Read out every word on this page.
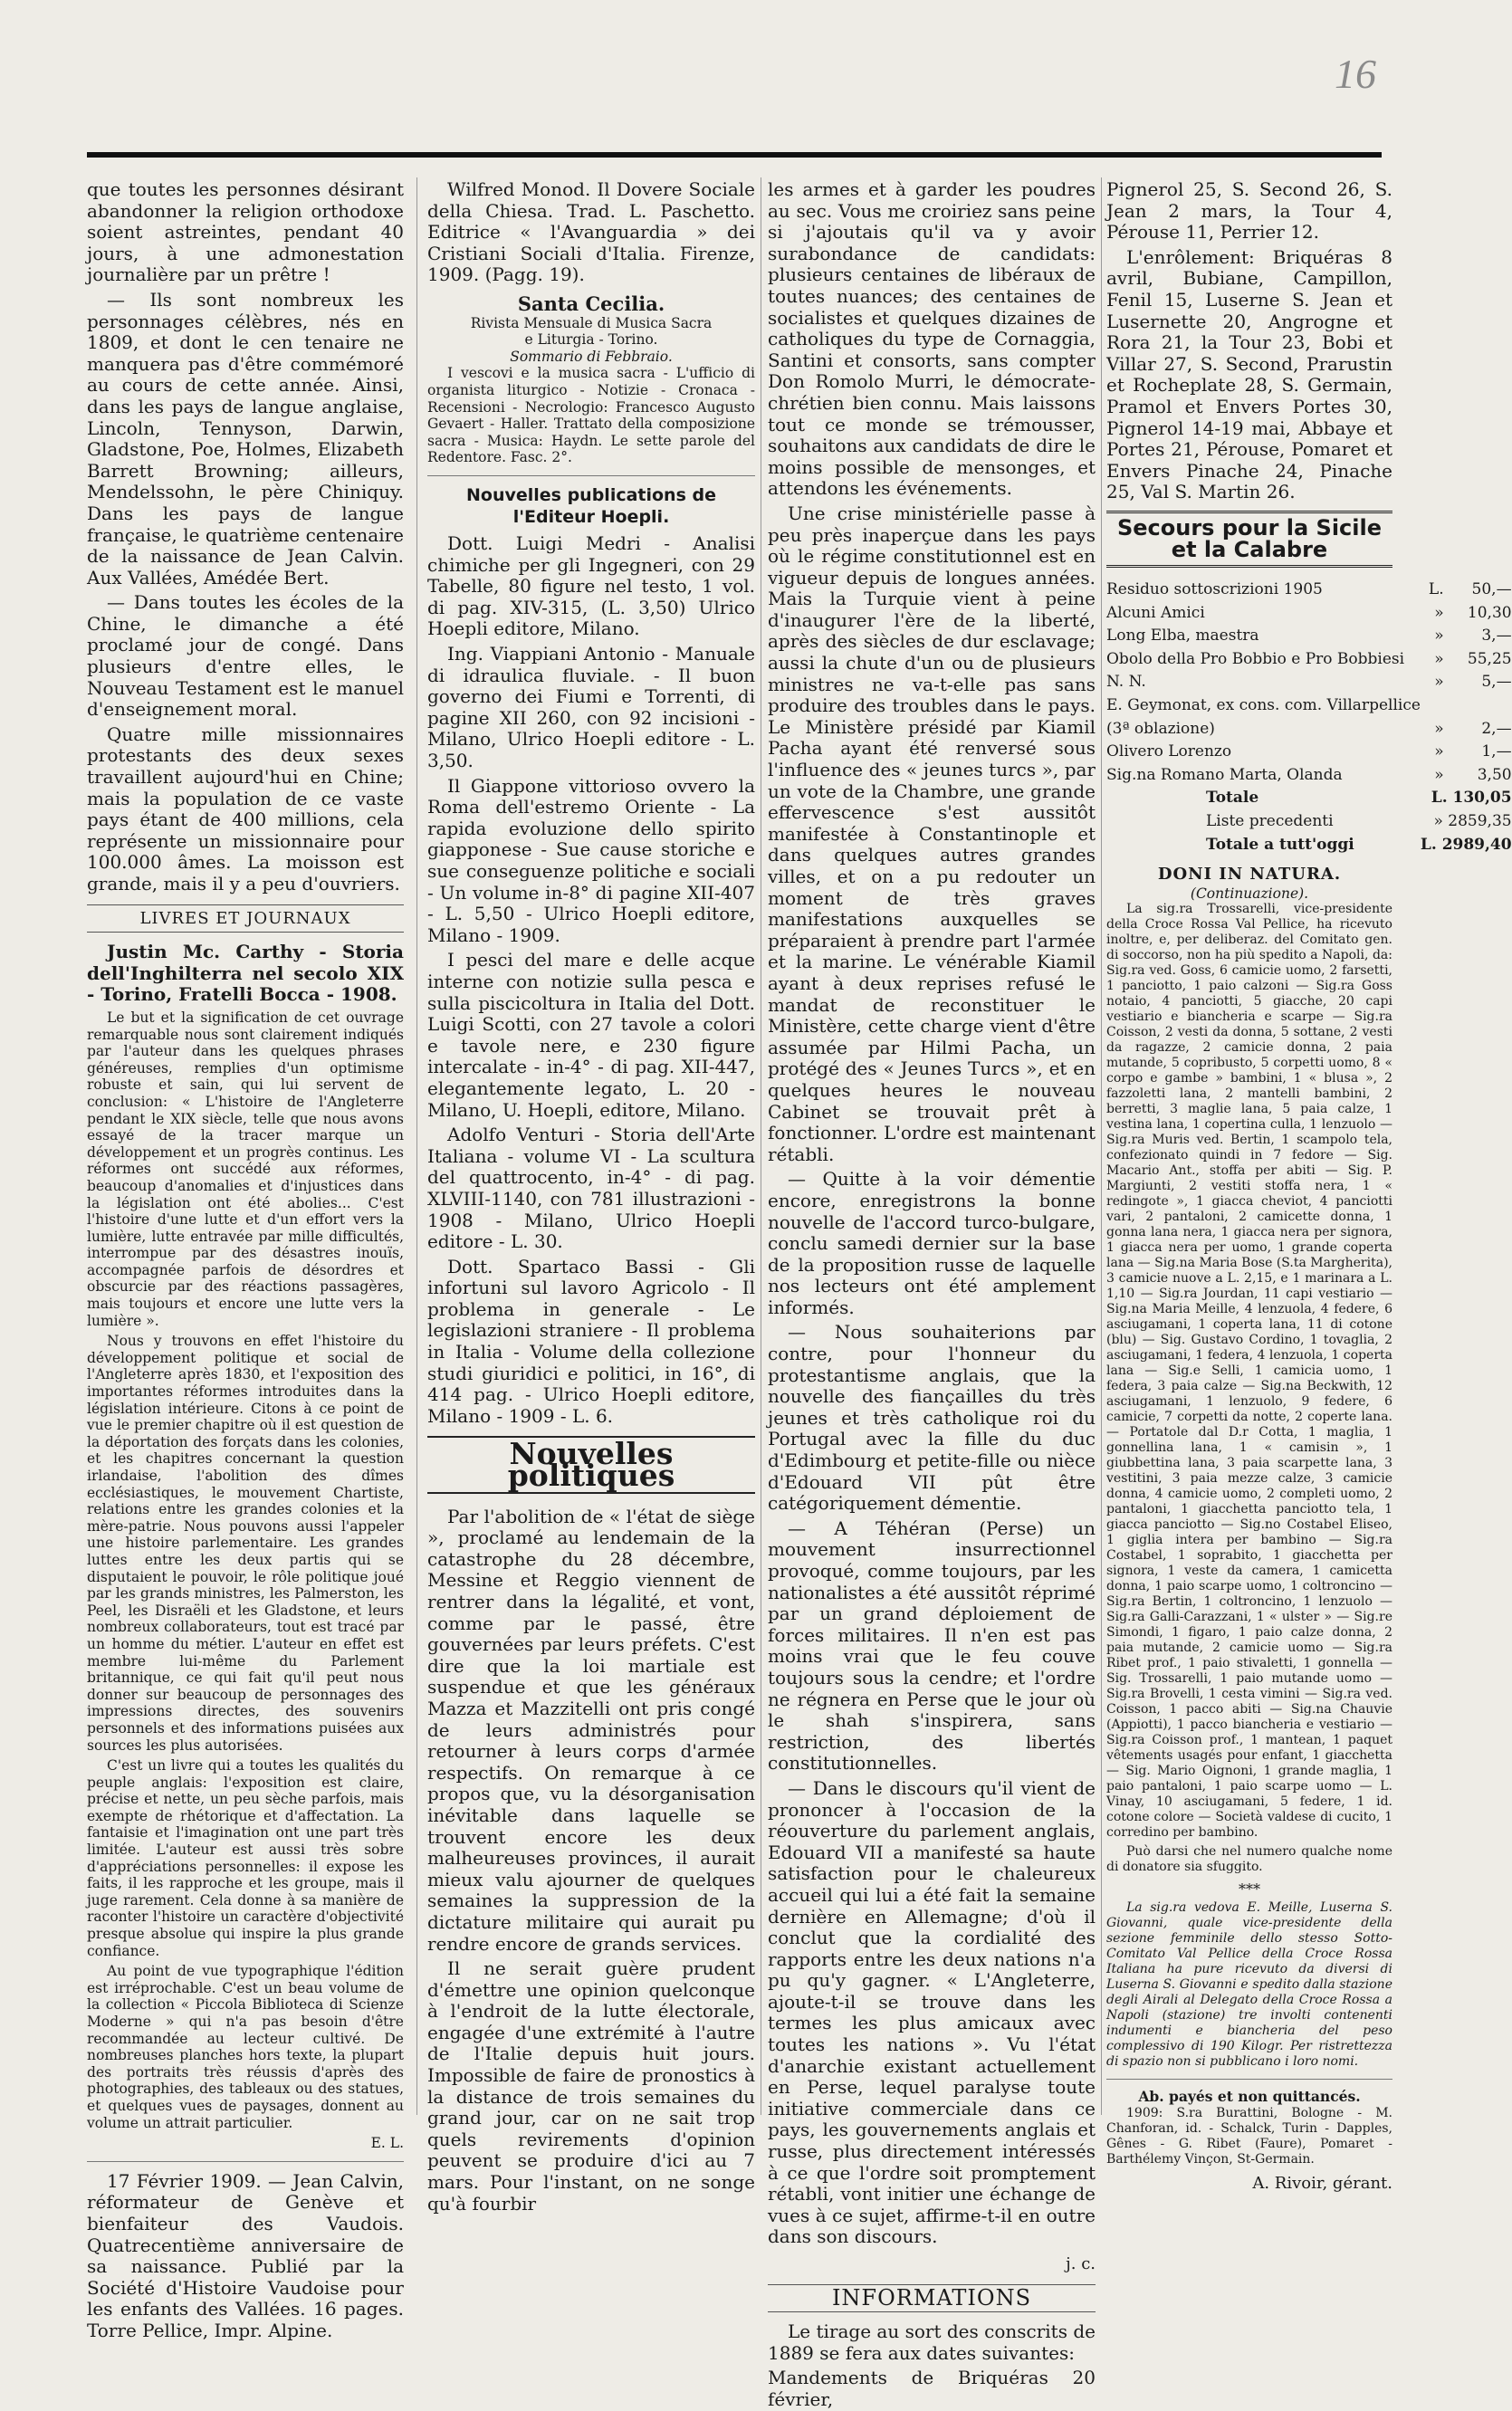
16

que toutes les personnes désirant abandonner la religion orthodoxe soient astreintes, pendant 40 jours, à une admonestation journalière par un prêtre !

— Ils sont nombreux les personnages célèbres, nés en 1809, et dont le cen tenaire ne manquera pas d'être commémoré au cours de cette année. Ainsi, dans les pays de langue anglaise, Lincoln, Tennyson, Darwin, Gladstone, Poe, Holmes, Elizabeth Barrett Browning; ailleurs, Mendelssohn, le père Chiniquy. Dans les pays de langue française, le quatrième centenaire de la naissance de Jean Calvin. Aux Vallées, Amédée Bert.

— Dans toutes les écoles de la Chine, le dimanche a été proclamé jour de congé. Dans plusieurs d'entre elles, le Nouveau Testament est le manuel d'enseignement moral.

Quatre mille missionnaires protestants des deux sexes travaillent aujourd'hui en Chine; mais la population de ce vaste pays étant de 400 millions, cela représente un missionnaire pour 100.000 âmes. La moisson est grande, mais il y a peu d'ouvriers.

LIVRES ET JOURNAUX

Justin Mc. Carthy - Storia dell'Inghilterra nel secolo XIX - Torino, Fratelli Bocca - 1908.

Le but et la signification de cet ouvrage remarquable nous sont clairement indiqués par l'auteur dans les quelques phrases généreuses, remplies d'un optimisme robuste et sain, qui lui servent de conclusion: « L'histoire de l'Angleterre pendant le XIX siècle, telle que nous avons essayé de la tracer marque un développement et un progrès continus. Les réformes ont succédé aux réformes, beaucoup d'anomalies et d'injustices dans la législation ont été abolies... C'est l'histoire d'une lutte et d'un effort vers la lumière, lutte entravée par mille difficultés, interrompue par des désastres inouïs, accompagnée parfois de désordres et obscurcie par des réactions passagères, mais toujours et encore une lutte vers la lumière ».

Nous y trouvons en effet l'histoire du développement politique et social de l'Angleterre après 1830, et l'exposition des importantes réformes introduites dans la législation intérieure. Citons à ce point de vue le premier chapitre où il est question de la déportation des forçats dans les colonies, et les chapitres concernant la question irlandaise, l'abolition des dîmes ecclésiastiques, le mouvement Chartiste, relations entre les grandes colonies et la mère-patrie. Nous pouvons aussi l'appeler une histoire parlementaire. Les grandes luttes entre les deux partis qui se disputaient le pouvoir, le rôle politique joué par les grands ministres, les Palmerston, les Peel, les Disraëli et les Gladstone, et leurs nombreux collaborateurs, tout est tracé par un homme du métier. L'auteur en effet est membre lui-même du Parlement britannique, ce qui fait qu'il peut nous donner sur beaucoup de personnages des impressions directes, des souvenirs personnels et des informations puisées aux sources les plus autorisées.

C'est un livre qui a toutes les qualités du peuple anglais: l'exposition est claire, précise et nette, un peu sèche parfois, mais exempte de rhétorique et d'affectation. La fantaisie et l'imagination ont une part très limitée. L'auteur est aussi très sobre d'appréciations personnelles: il expose les faits, il les rapproche et les groupe, mais il juge rarement. Cela donne à sa manière de raconter l'histoire un caractère d'objectivité presque absolue qui inspire la plus grande confiance.

Au point de vue typographique l'édition est irréprochable. C'est un beau volume de la collection « Piccola Biblioteca di Scienze Moderne » qui n'a pas besoin d'être recommandée au lecteur cultivé. De nombreuses planches hors texte, la plupart des portraits très réussis d'après des photographies, des tableaux ou des statues, et quelques vues de paysages, donnent au volume un attrait particulier.

E. L.

17 Février 1909. — Jean Calvin, réformateur de Genève et bienfaiteur des Vaudois. Quatrecentième anniversaire de sa naissance. Publié par la Société d'Histoire Vaudoise pour les enfants des Vallées. 16 pages. Torre Pellice, Impr. Alpine.

Wilfred Monod. Il Dovere Sociale della Chiesa. Trad. L. Paschetto. Editrice « l'Avanguardia » dei Cristiani Sociali d'Italia. Firenze, 1909. (Pagg. 19).

Santa Cecilia.
Rivista Mensuale di Musica Sacra
e Liturgia - Torino.
Sommario di Febbraio.

I vescovi e la musica sacra - L'ufficio di organista liturgico - Notizie - Cronaca - Recensioni - Necrologio: Francesco Augusto Gevaert - Haller. Trattato della composizione sacra - Musica: Haydn. Le sette parole del Redentore. Fasc. 2°.

Nouvelles publications de l'Editeur Hoepli.

Dott. Luigi Medri - Analisi chimiche per gli Ingegneri, con 29 Tabelle, 80 figure nel testo, 1 vol. di pag. XIV-315, (L. 3,50) Ulrico Hoepli editore, Milano.

Ing. Viappiani Antonio - Manuale di idraulica fluviale. - Il buon governo dei Fiumi e Torrenti, di pagine XII 260, con 92 incisioni - Milano, Ulrico Hoepli editore - L. 3,50.

Il Giappone vittorioso ovvero la Roma dell'estremo Oriente - La rapida evoluzione dello spirito giapponese - Sue cause storiche e sue conseguenze politiche e sociali - Un volume in-8° di pagine XII-407 - L. 5,50 - Ulrico Hoepli editore, Milano - 1909.

I pesci del mare e delle acque interne con notizie sulla pesca e sulla piscicoltura in Italia del Dott. Luigi Scotti, con 27 tavole a colori e tavole nere, e 230 figure intercalate - in-4° - di pag. XII-447, elegantemente legato, L. 20 - Milano, U. Hoepli, editore, Milano.

Adolfo Venturi - Storia dell'Arte Italiana - volume VI - La scultura del quattrocento, in-4° - di pag. XLVIII-1140, con 781 illustrazioni - 1908 - Milano, Ulrico Hoepli editore - L. 30.

Dott. Spartaco Bassi - Gli infortuni sul lavoro Agricolo - Il problema in generale - Le legislazioni straniere - Il problema in Italia - Volume della collezione studi giuridici e politici, in 16°, di 414 pag. - Ulrico Hoepli editore, Milano - 1909 - L. 6.

Nouvelles politiques

Par l'abolition de « l'état de siège », proclamé au lendemain de la catastrophe du 28 décembre, Messine et Reggio viennent de rentrer dans la légalité, et vont, comme par le passé, être gouvernées par leurs préfets. C'est dire que la loi martiale est suspendue et que les généraux Mazza et Mazzitelli ont pris congé de leurs administrés pour retourner à leurs corps d'armée respectifs. On remarque à ce propos que, vu la désorganisation inévitable dans laquelle se trouvent encore les deux malheureuses provinces, il aurait mieux valu ajourner de quelques semaines la suppression de la dictature militaire qui aurait pu rendre encore de grands services.

Il ne serait guère prudent d'émettre une opinion quelconque à l'endroit de la lutte électorale, engagée d'une extrémité à l'autre de l'Italie depuis huit jours. Impossible de faire de pronostics à la distance de trois semaines du grand jour, car on ne sait trop quels revirements d'opinion peuvent se produire d'ici au 7 mars. Pour l'instant, on ne songe qu'à fourbir

les armes et à garder les poudres au sec. Vous me croiriez sans peine si j'ajoutais qu'il va y avoir surabondance de candidats: plusieurs centaines de libéraux de toutes nuances; des centaines de socialistes et quelques dizaines de catholiques du type de Cornaggia, Santini et consorts, sans compter Don Romolo Murri, le démocrate-chrétien bien connu. Mais laissons tout ce monde se trémousser, souhaitons aux candidats de dire le moins possible de mensonges, et attendons les événements.

Une crise ministérielle passe à peu près inaperçue dans les pays où le régime constitutionnel est en vigueur depuis de longues années. Mais la Turquie vient à peine d'inaugurer l'ère de la liberté, après des siècles de dur esclavage; aussi la chute d'un ou de plusieurs ministres ne va-t-elle pas sans produire des troubles dans le pays. Le Ministère présidé par Kiamil Pacha ayant été renversé sous l'influence des « jeunes turcs », par un vote de la Chambre, une grande effervescence s'est aussitôt manifestée à Constantinople et dans quelques autres grandes villes, et on a pu redouter un moment de très graves manifestations auxquelles se préparaient à prendre part l'armée et la marine. Le vénérable Kiamil ayant à deux reprises refusé le mandat de reconstituer le Ministère, cette charge vient d'être assumée par Hilmi Pacha, un protégé des « Jeunes Turcs », et en quelques heures le nouveau Cabinet se trouvait prêt à fonctionner. L'ordre est maintenant rétabli.

— Quitte à la voir démentie encore, enregistrons la bonne nouvelle de l'accord turco-bulgare, conclu samedi dernier sur la base de la proposition russe de laquelle nos lecteurs ont été amplement informés.

— Nous souhaiterions par contre, pour l'honneur du protestantisme anglais, que la nouvelle des fiançailles du très jeunes et très catholique roi du Portugal avec la fille du duc d'Edimbourg et petite-fille ou nièce d'Edouard VII pût être catégoriquement démentie.

— A Téhéran (Perse) un mouvement insurrectionnel provoqué, comme toujours, par les nationalistes a été aussitôt réprimé par un grand déploiement de forces militaires. Il n'en est pas moins vrai que le feu couve toujours sous la cendre; et l'ordre ne régnera en Perse que le jour où le shah s'inspirera, sans restriction, des libertés constitutionnelles.

— Dans le discours qu'il vient de prononcer à l'occasion de la réouverture du parlement anglais, Edouard VII a manifesté sa haute satisfaction pour le chaleureux accueil qui lui a été fait la semaine dernière en Allemagne; d'où il conclut que la cordialité des rapports entre les deux nations n'a pu qu'y gagner. « L'Angleterre, ajoute-t-il se trouve dans les termes les plus amicaux avec toutes les nations ». Vu l'état d'anarchie existant actuellement en Perse, lequel paralyse toute initiative commerciale dans ce pays, les gouvernements anglais et russe, plus directement intéressés à ce que l'ordre soit promptement rétabli, vont initier une échange de vues à ce sujet, affirme-t-il en outre dans son discours.

j. c.
INFORMATIONS

Le tirage au sort des conscrits de 1889 se fera aux dates suivantes:

Mandements de Briquéras 20 février,

Pignerol 25, S. Second 26, S. Jean 2 mars, la Tour 4, Pérouse 11, Perrier 12.

L'enrôlement: Briquéras 8 avril, Bubiane, Campillon, Fenil 15, Luserne S. Jean et Lusernette 20, Angrogne et Rora 21, la Tour 23, Bobi et Villar 27, S. Second, Prarustin et Rocheplate 28, S. Germain, Pramol et Envers Portes 30, Pignerol 14-19 mai, Abbaye et Portes 21, Pérouse, Pomaret et Envers Pinache 24, Pinache 25, Val S. Martin 26.

Secours pour la Sicile et la Calabre
Residuo sottoscrizioni 1905	L.	50,—
Alcuni Amici	»	10,30
Long Elba, maestra	»	3,—
Obolo della Pro Bobbio e Pro Bobbiesi	»	55,25
N. N.	»	5,—
E. Geymonat, ex cons. com. Villarpellice		
(3ª oblazione)	»	2,—
Olivero Lorenzo	»	1,—
Sig.na Romano Marta, Olanda	»	3,50
Totale	L. 130,05	
Liste precedenti	» 2859,35	
Totale a tutt'oggi	L. 2989,40	
DONI IN NATURA.
(Continuazione).

La sig.ra Trossarelli, vice-presidente della Croce Rossa Val Pellice, ha ricevuto inoltre, e, per deliberaz. del Comitato gen. di soccorso, non ha più spedito a Napoli, da: Sig.ra ved. Goss, 6 camicie uomo, 2 farsetti, 1 panciotto, 1 paio calzoni — Sig.ra Goss notaio, 4 panciotti, 5 giacche, 20 capi vestiario e biancheria e scarpe — Sig.ra Coisson, 2 vesti da donna, 5 sottane, 2 vesti da ragazze, 2 camicie donna, 2 paia mutande, 5 copribusto, 5 corpetti uomo, 8 « corpo e gambe » bambini, 1 « blusa », 2 fazzoletti lana, 2 mantelli bambini, 2 berretti, 3 maglie lana, 5 paia calze, 1 vestina lana, 1 copertina culla, 1 lenzuolo — Sig.ra Muris ved. Bertin, 1 scampolo tela, confezionato quindi in 7 fedore — Sig. Macario Ant., stoffa per abiti — Sig. P. Margiunti, 2 vestiti stoffa nera, 1 « redingote », 1 giacca cheviot, 4 panciotti vari, 2 pantaloni, 2 camicette donna, 1 gonna lana nera, 1 giacca nera per signora, 1 giacca nera per uomo, 1 grande coperta lana — Sig.na Maria Bose (S.ta Margherita), 3 camicie nuove a L. 2,15, e 1 marinara a L. 1,10 — Sig.ra Jourdan, 11 capi vestiario — Sig.na Maria Meille, 4 lenzuola, 4 federe, 6 asciugamani, 1 coperta lana, 11 di cotone (blu) — Sig. Gustavo Cordino, 1 tovaglia, 2 asciugamani, 1 federa, 4 lenzuola, 1 coperta lana — Sig.e Selli, 1 camicia uomo, 1 federa, 3 paia calze — Sig.na Beckwith, 12 asciugamani, 1 lenzuolo, 9 federe, 6 camicie, 7 corpetti da notte, 2 coperte lana. — Portatole dal D.r Cotta, 1 maglia, 1 gonnellina lana, 1 « camisin », 1 giubbettina lana, 3 paia scarpette lana, 3 vestitini, 3 paia mezze calze, 3 camicie donna, 4 camicie uomo, 2 completi uomo, 2 pantaloni, 1 giacchetta panciotto tela, 1 giacca panciotto — Sig.no Costabel Eliseo, 1 giglia intera per bambino — Sig.ra Costabel, 1 soprabito, 1 giacchetta per signora, 1 veste da camera, 1 camicetta donna, 1 paio scarpe uomo, 1 coltroncino — Sig.ra Bertin, 1 coltroncino, 1 lenzuolo — Sig.ra Galli-Carazzani, 1 « ulster » — Sig.re Simondi, 1 figaro, 1 paio calze donna, 2 paia mutande, 2 camicie uomo — Sig.ra Ribet prof., 1 paio stivaletti, 1 gonnella — Sig. Trossarelli, 1 paio mutande uomo — Sig.ra Brovelli, 1 cesta vimini — Sig.ra ved. Coisson, 1 pacco abiti — Sig.na Chauvie (Appiotti), 1 pacco biancheria e vestiario — Sig.ra Coisson prof., 1 mantean, 1 paquet vêtements usagés pour enfant, 1 giacchetta — Sig. Mario Oignoni, 1 grande maglia, 1 paio pantaloni, 1 paio scarpe uomo — L. Vinay, 10 asciugamani, 5 federe, 1 id. cotone colore — Società valdese di cucito, 1 corredino per bambino.

Può darsi che nel numero qualche nome di donatore sia sfuggito.

***

La sig.ra vedova E. Meille, Luserna S. Giovanni, quale vice-presidente della sezione femminile dello stesso Sotto-Comitato Val Pellice della Croce Rossa Italiana ha pure ricevuto da diversi di Luserna S. Giovanni e spedito dalla stazione degli Airali al Delegato della Croce Rossa a Napoli (stazione) tre involti contenenti indumenti e biancheria del peso complessivo di 190 Kilogr. Per ristrettezza di spazio non si pubblicano i loro nomi.

Ab. payés et non quittancés.

1909: S.ra Burattini, Bologne - M. Chanforan, id. - Schalck, Turin - Dapples, Gênes - G. Ribet (Faure), Pomaret - Barthélemy Vinçon, St-Germain.

A. Rivoir, gérant.
